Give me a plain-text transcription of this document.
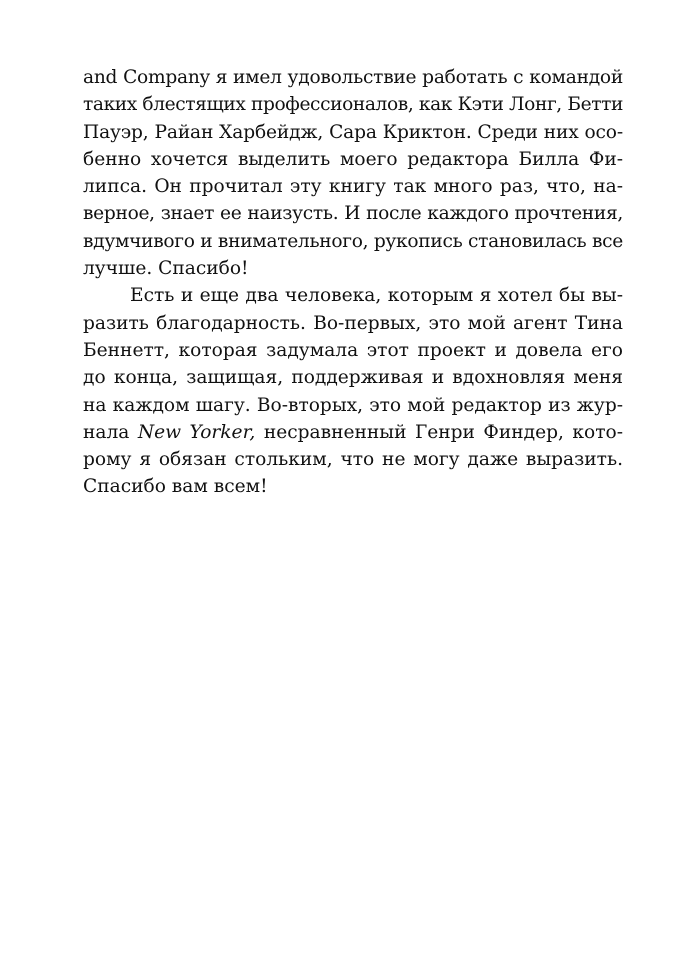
and Company я имел удовольствие работать с командой
таких блестящих профессионалов, как Кэти Лонг, Бетти
Пауэр, Райан Харбейдж, Сара Криктон. Среди них осо-
бенно хочется выделить моего редактора Билла Фи-
липса. Он прочитал эту книгу так много раз, что, на-
верное, знает ее наизусть. И после каждого прочтения,
вдумчивого и внимательного, рукопись становилась все
лучше. Спасибо!
Есть и еще два человека, которым я хотел бы вы-
разить благодарность. Во-первых, это мой агент Тина
Беннетт, которая задумала этот проект и довела его
до конца, защищая, поддерживая и вдохновляя меня
на каждом шагу. Во-вторых, это мой редактор из жур-
нала New Yorker, несравненный Генри Финдер, кото-
рому я обязан стольким, что не могу даже выразить.
Спасибо вам всем!
